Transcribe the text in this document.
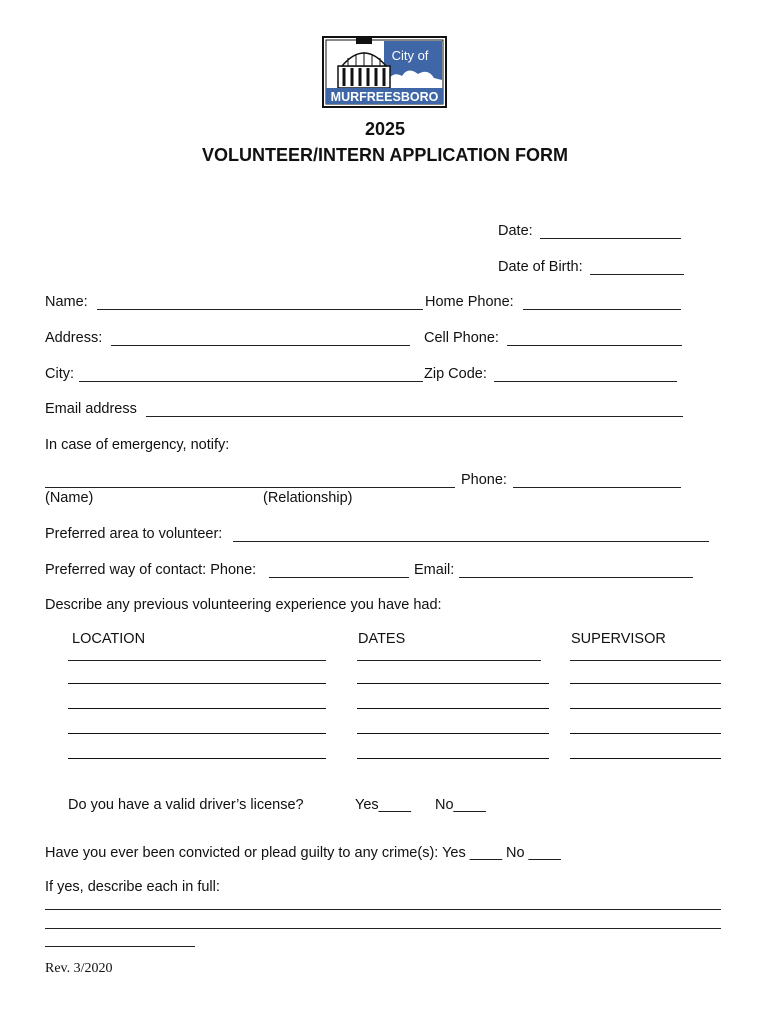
City of
MURFREESBORO
2025
VOLUNTEER/INTERN APPLICATION FORM
Date:
Date of Birth:
Name:	Home Phone:
Address:	Cell Phone:
City:	Zip Code:
Email address
In case of emergency, notify:
Phone:
(Name)	(Relationship)
Preferred area to volunteer:
Preferred way of contact: Phone:	Email:
Describe any previous volunteering experience you have had:
LOCATION	DATES	SUPERVISOR
Do you have a valid driver’s license?	Yes____ No____
Have you ever been convicted or plead guilty to any crime(s): Yes ____ No ____
If yes, describe each in full:
Rev. 3/2020
